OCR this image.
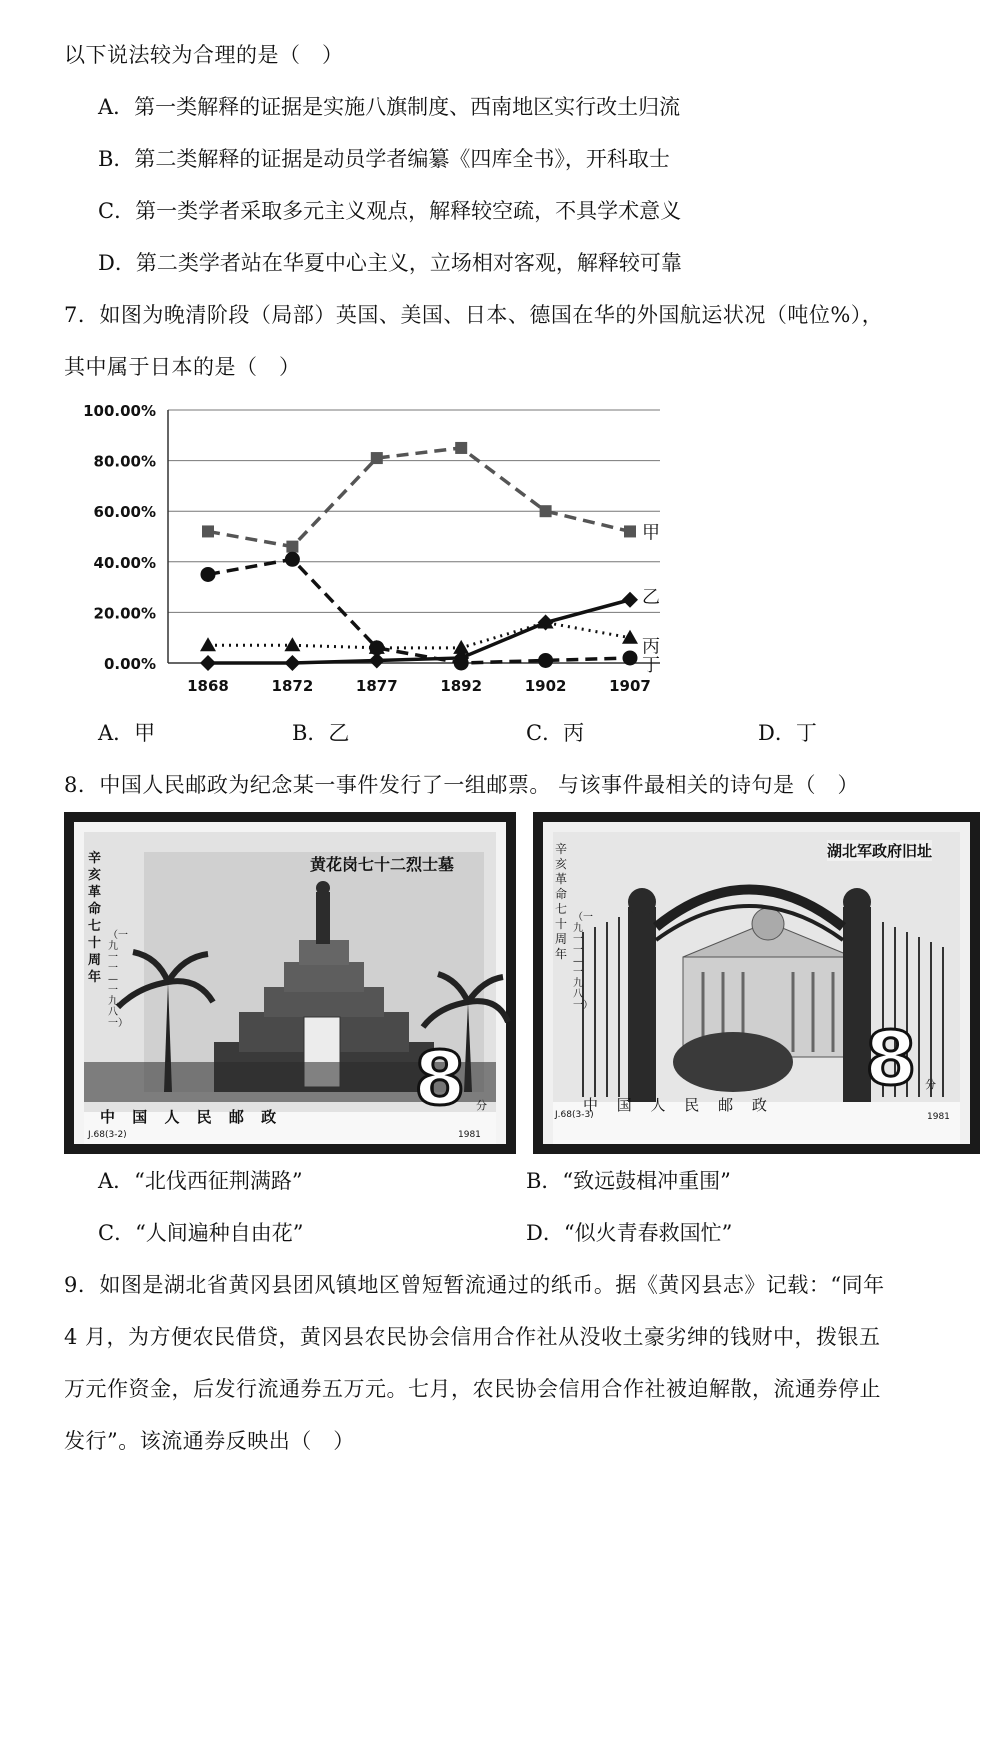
以下说法较为合理的是（　）
A．第一类解释的证据是实施八旗制度、西南地区实行改土归流
B．第二类解释的证据是动员学者编纂《四库全书》，开科取士
C．第一类学者采取多元主义观点，解释较空疏，不具学术意义
D．第二类学者站在华夏中心主义，立场相对客观，解释较可靠
7．如图为晚清阶段（局部）英国、美国、日本、德国在华的外国航运状况（吨位%），
其中属于日本的是（　）
0.00%
20.00%
40.00%
60.00%
80.00%
100.00%
1868	1872	1877	1892	1902	1907
甲
乙
丙
丁
A．甲	B．乙	C．丙	D．丁
8．中国人民邮政为纪念某一事件发行了一组邮票。 与该事件最相关的诗句是（　）
黄花岗七十二烈士墓
辛亥革命七十周年
（一九一一—一九八一）
中 国 人 民 邮 政 8 分
J.68(3-2)	1981
湖北军政府旧址
辛亥革命七十周年
（一九一一—一九八一）
中 国 人 民 邮 政
8 分
J.68(3-3)	1981
A．“北伐西征荆满路”	B．“致远鼓楫冲重围”
C．“人间遍种自由花”	D．“似火青春救国忙”
9．如图是湖北省黄冈县团风镇地区曾短暂流通过的纸币。据《黄冈县志》记载：“同年
4 月，为方便农民借贷，黄冈县农民协会信用合作社从没收土豪劣绅的钱财中，拨银五
万元作资金，后发行流通券五万元。七月，农民协会信用合作社被迫解散，流通券停止
发行”。该流通券反映出（　）
